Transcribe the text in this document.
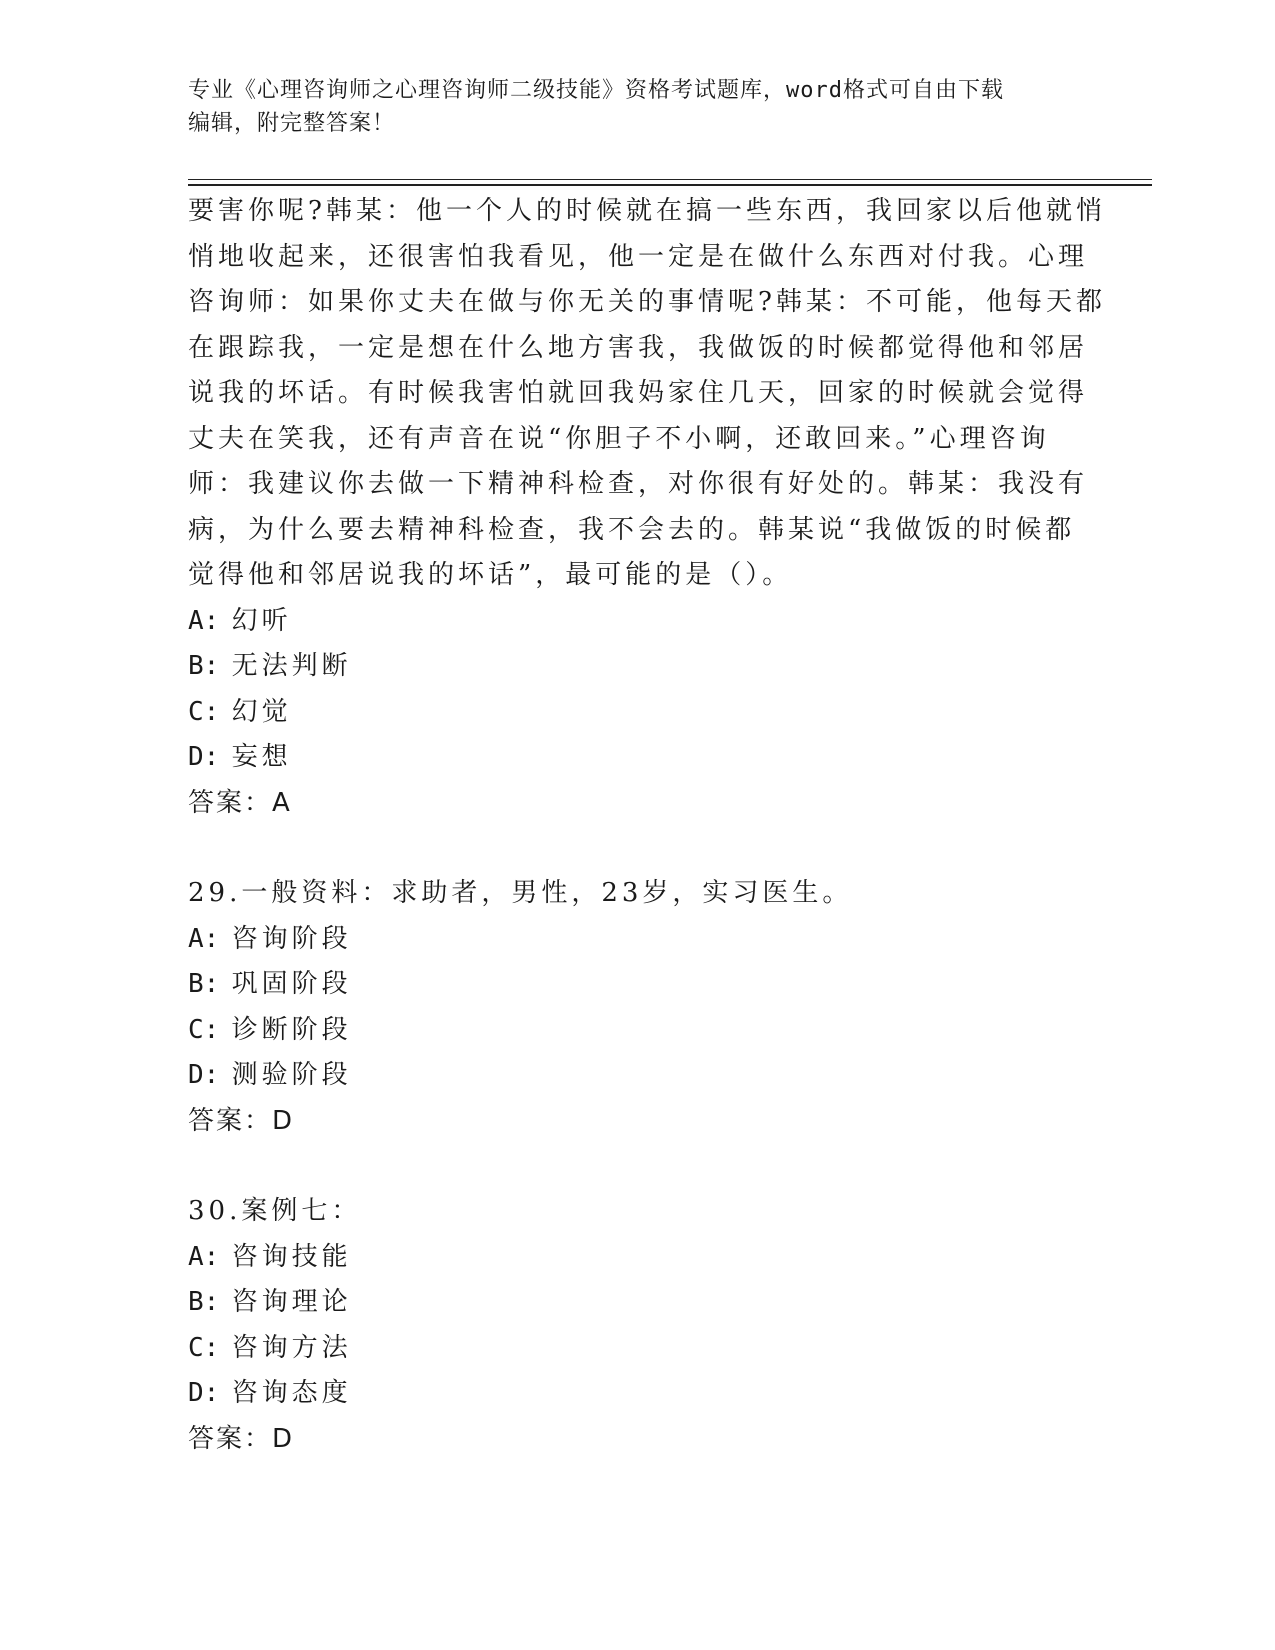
专业《心理咨询师之心理咨询师二级技能》资格考试题库，word格式可自由下载
编辑，附完整答案！
要害你呢?韩某：他一个人的时候就在搞一些东西，我回家以后他就悄
悄地收起来，还很害怕我看见，他一定是在做什么东西对付我。心理
咨询师：如果你丈夫在做与你无关的事情呢?韩某：不可能，他每天都
在跟踪我，一定是想在什么地方害我，我做饭的时候都觉得他和邻居
说我的坏话。有时候我害怕就回我妈家住几天，回家的时候就会觉得
丈夫在笑我，还有声音在说“你胆子不小啊，还敢回来。”心理咨询
师：我建议你去做一下精神科检查，对你很有好处的。韩某：我没有
病，为什么要去精神科检查，我不会去的。韩某说“我做饭的时候都
觉得他和邻居说我的坏话”，最可能的是（）。
A: 幻听
B: 无法判断
C: 幻觉
D: 妄想
答案：A
29.一般资料：求助者，男性，23岁，实习医生。
A: 咨询阶段
B: 巩固阶段
C: 诊断阶段
D: 测验阶段
答案：D
30.案例七：
A: 咨询技能
B: 咨询理论
C: 咨询方法
D: 咨询态度
答案：D
